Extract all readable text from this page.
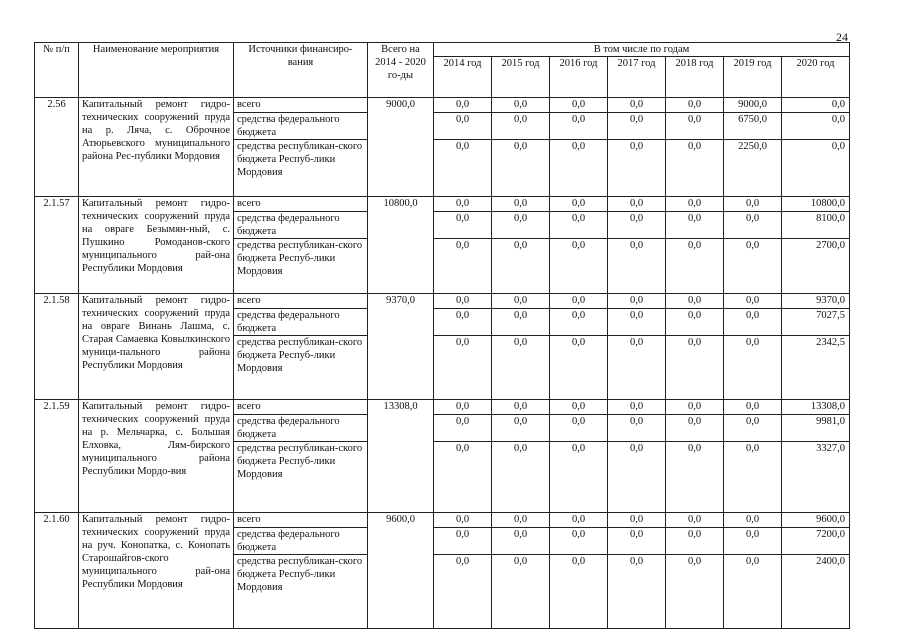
24
№ п/п	Наименование мероприятия	Источники финансиро-вания	Всего на 2014 - 2020 го-ды	В том числе по годам						
				2014 год	2015 год	2016 год	2017 год	2018 год	2019 год	2020 год
2.56	Капитальный ремонт гидро-технических сооружений пруда на р. Ляча, с. Оброчное Атюрьевского муниципального района Рес-публики Мордовия	всего	9000,0	0,0	0,0	0,0	0,0	0,0	9000,0	0,0
		средства федерального бюджета		0,0	0,0	0,0	0,0	0,0	6750,0	0,0
		средства республикан-ского бюджета Респуб-лики Мордовия		0,0	0,0	0,0	0,0	0,0	2250,0	0,0
2.1.57	Капитальный ремонт гидро-технических сооружений пруда на овраге Безымян-ный, с. Пушкино Ромоданов-ского муниципального рай-она Республики Мордовия	всего	10800,0	0,0	0,0	0,0	0,0	0,0	0,0	10800,0
		средства федерального бюджета		0,0	0,0	0,0	0,0	0,0	0,0	8100,0
		средства республикан-ского бюджета Респуб-лики Мордовия		0,0	0,0	0,0	0,0	0,0	0,0	2700,0
2.1.58	Капитальный ремонт гидро-технических сооружений пруда на овраге Винань Лашма, с. Старая Самаевка Ковылкинского муници-пального района Республики Мордовия	всего	9370,0	0,0	0,0	0,0	0,0	0,0	0,0	9370,0
		средства федерального бюджета		0,0	0,0	0,0	0,0	0,0	0,0	7027,5
		средства республикан-ского бюджета Респуб-лики Мордовия		0,0	0,0	0,0	0,0	0,0	0,0	2342,5
2.1.59	Капитальный ремонт гидро-технических сооружений пруда на р. Мельчарка, с. Большая Елховка, Лям-бирского муниципального района Республики Мордо-вия	всего	13308,0	0,0	0,0	0,0	0,0	0,0	0,0	13308,0
		средства федерального бюджета		0,0	0,0	0,0	0,0	0,0	0,0	9981,0
		средства республикан-ского бюджета Респуб-лики Мордовия		0,0	0,0	0,0	0,0	0,0	0,0	3327,0
2.1.60	Капитальный ремонт гидро-технических сооружений пруда на руч. Конопатка, с. Конопать Старошайгов-ского муниципального рай-она Республики Мордовия	всего	9600,0	0,0	0,0	0,0	0,0	0,0	0,0	9600,0
		средства федерального бюджета		0,0	0,0	0,0	0,0	0,0	0,0	7200,0
		средства республикан-ского бюджета Респуб-лики Мордовия		0,0	0,0	0,0	0,0	0,0	0,0	2400,0
